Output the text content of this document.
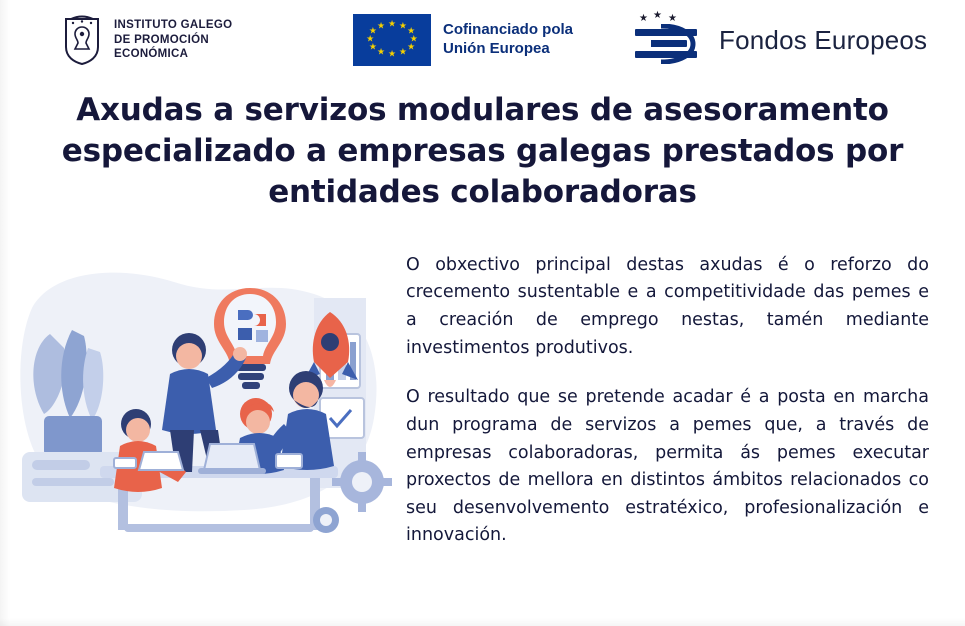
INSTITUTO GALEGO
DE PROMOCIÓN
ECONÓMICA
★ ★ ★
★
★
★
★
★
★
★
★ ★	Cofinanciado pola
Unión Europea
★ ★ ★
Fondos Europeos
Axudas a servizos modulares de asesoramento especializado a empresas galegas prestados por entidades colaboradoras

O obxectivo principal destas axudas é o reforzo do crecemento sustentable e a competitividade das pemes e a creación de emprego nestas, tamén mediante investimentos produtivos.

O resultado que se pretende acadar é a posta en marcha dun programa de servizos a pemes que, a través de empresas colaboradoras, permita ás pemes executar proxectos de mellora en distintos ámbitos relacionados co seu desenvolvemento estratéxico, profesionalización e innovación.
